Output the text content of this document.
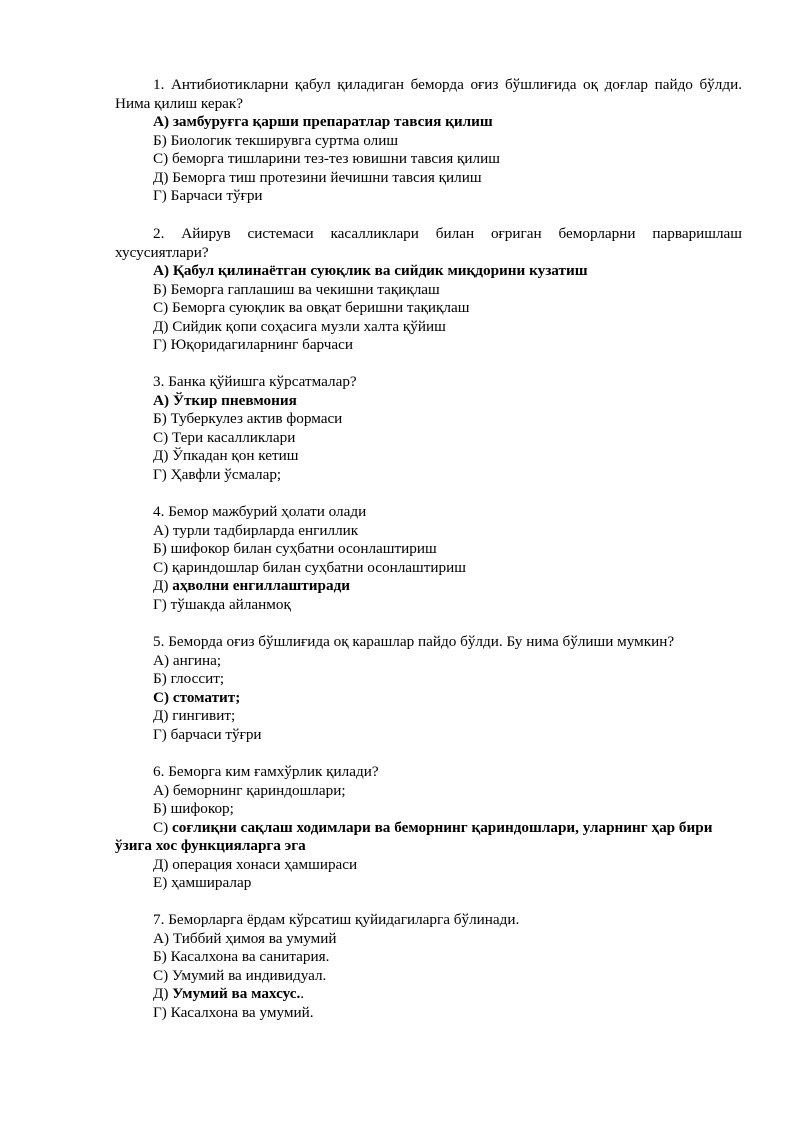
1. Антибиотикларни қабул қиладиган беморда оғиз бўшлиғида оқ доғлар пайдо бўлди. Нима қилиш керак?

А) замбуруғга қарши препаратлар тавсия қилиш

Б) Биологик текширувга суртма олиш

С) беморга тишларини тез-тез ювишни тавсия қилиш

Д) Беморга тиш протезини йечишни тавсия қилиш

Г) Барчаси тўғри

2. Айирув системаси касалликлари билан оғриган беморларни парваришлаш хусусиятлари?

А) Қабул қилинаётган суюқлик ва сийдик миқдорини кузатиш

Б) Беморга гаплашиш ва чекишни тақиқлаш

С) Беморга суюқлик ва овқат беришни тақиқлаш

Д) Сийдик қопи соҳасига музли халта қўйиш

Г) Юқоридагиларнинг барчаси

3. Банка қўйишга кўрсатмалар?

А) Ўткир пневмония

Б) Туберкулез актив формаси

С) Тери касалликлари

Д) Ўпкадан қон кетиш

Г) Ҳавфли ўсмалар;

4. Бемор мажбурий ҳолати олади

А) турли тадбирларда енгиллик

Б) шифокор билан суҳбатни осонлаштириш

С) қариндошлар билан суҳбатни осонлаштириш

Д) аҳволни енгиллаштиради

Г) тўшакда айланмоқ

5. Беморда оғиз бўшлиғида оқ карашлар пайдо бўлди. Бу нима бўлиши мумкин?

А) ангина;

Б) глоссит;

С) стоматит;

Д) гингивит;

Г) барчаси тўғри

6. Беморга ким ғамхўрлик қилади?

А) беморнинг қариндошлари;

Б) шифокор;

С) соғлиқни сақлаш ходимлари ва беморнинг қариндошлари, уларнинг ҳар бири ўзига хос функцияларга эга

Д) операция хонаси ҳамшираси

Е) ҳамширалар

7. Беморларга ёрдам кўрсатиш қуйидагиларга бўлинади.

А) Тиббий ҳимоя ва умумий

Б) Касалхона ва санитария.

С) Умумий ва индивидуал.

Д) Умумий ва махсус..

Г) Касалхона ва умумий.
